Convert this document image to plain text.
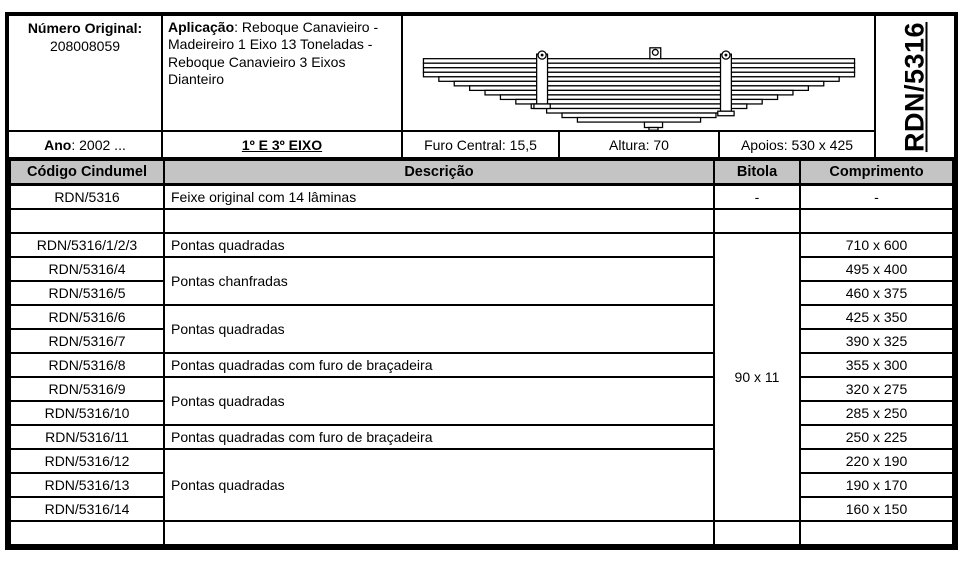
Número Original:
208008059
Aplicação: Reboque Canavieiro - Madeireiro 1 Eixo 13 Toneladas - Reboque Canavieiro 3 Eixos Dianteiro	RDN/5316
Ano: 2002 ...	1º E 3º EIXO	Furo Central: 15,5	Altura: 70	Apoios: 530 x 425
Código Cindumel	Descrição	Bitola	Comprimento
RDN/5316	Feixe original com 14 lâminas	-	-

RDN/5316/1/2/3	Pontas quadradas	90 x 11	710 x 600
RDN/5316/4	Pontas chanfradas		495 x 400
RDN/5316/5			460 x 375
RDN/5316/6	Pontas quadradas		425 x 350
RDN/5316/7			390 x 325
RDN/5316/8	Pontas quadradas com furo de braçadeira		355 x 300
RDN/5316/9	Pontas quadradas		320 x 275
RDN/5316/10			285 x 250
RDN/5316/11	Pontas quadradas com furo de braçadeira		250 x 225
RDN/5316/12	Pontas quadradas		220 x 190
RDN/5316/13			190 x 170
RDN/5316/14			160 x 150
